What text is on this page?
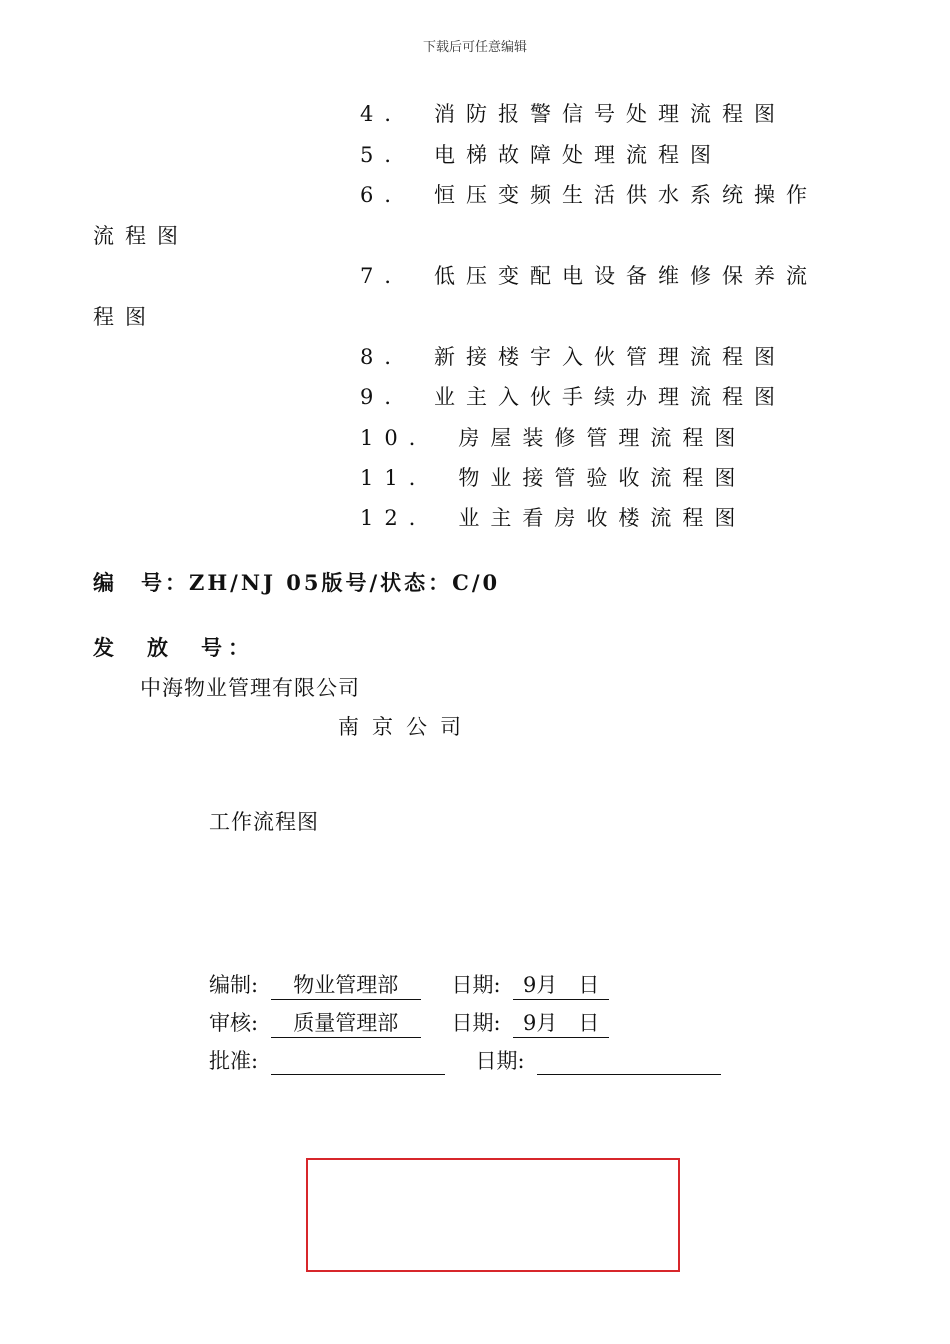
下载后可任意编辑
4． 消防报警信号处理流程图
5． 电梯故障处理流程图
6． 恒压变频生活供水系统操作
流程图
7． 低压变配电设备维修保养流
程图
8． 新接楼宇入伙管理流程图
9． 业主入伙手续办理流程图
10． 房屋装修管理流程图
11． 物业接管验收流程图
12． 业主看房收楼流程图
编　号：ZH/NJ 05版号/状态：C/0
发　放　号：
中海物业管理有限公司
南京公司
工作流程图
编制: 物业管理部	日期: 9月　日
审核: 质量管理部	日期: 9月　日
批准:	日期:
